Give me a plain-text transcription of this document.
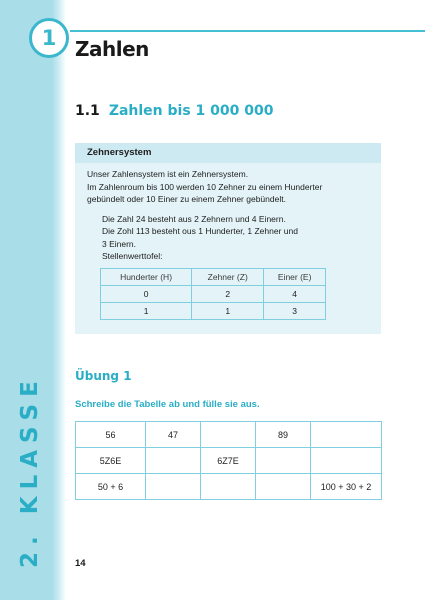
1 Zahlen
2. KLASSE
1.1 Zahlen bis 1 000 000
Zehnersystem
Unser Zahlensystem ist ein Zehnersystem.
Im Zahlenroum bis 100 werden 10 Zehner zu einem Hunderter
gebündelt oder 10 Einer zu einem Zehner gebündelt.
Die Zahl 24 besteht aus 2 Zehnern und 4 Einern.
Die Zohl 113 besteht ous 1 Hunderter, 1 Zehner und
3 Einern.
Stellenwerttofel:
Hunderter (H)	Zehner (Z)	Einer (E)
0	2	4
1	1	3
Übung 1
Schreibe die Tabelle ab und fülle sie aus.
56	47		89	
5Z6E		6Z7E		
50 + 6				100 + 30 + 2
14
